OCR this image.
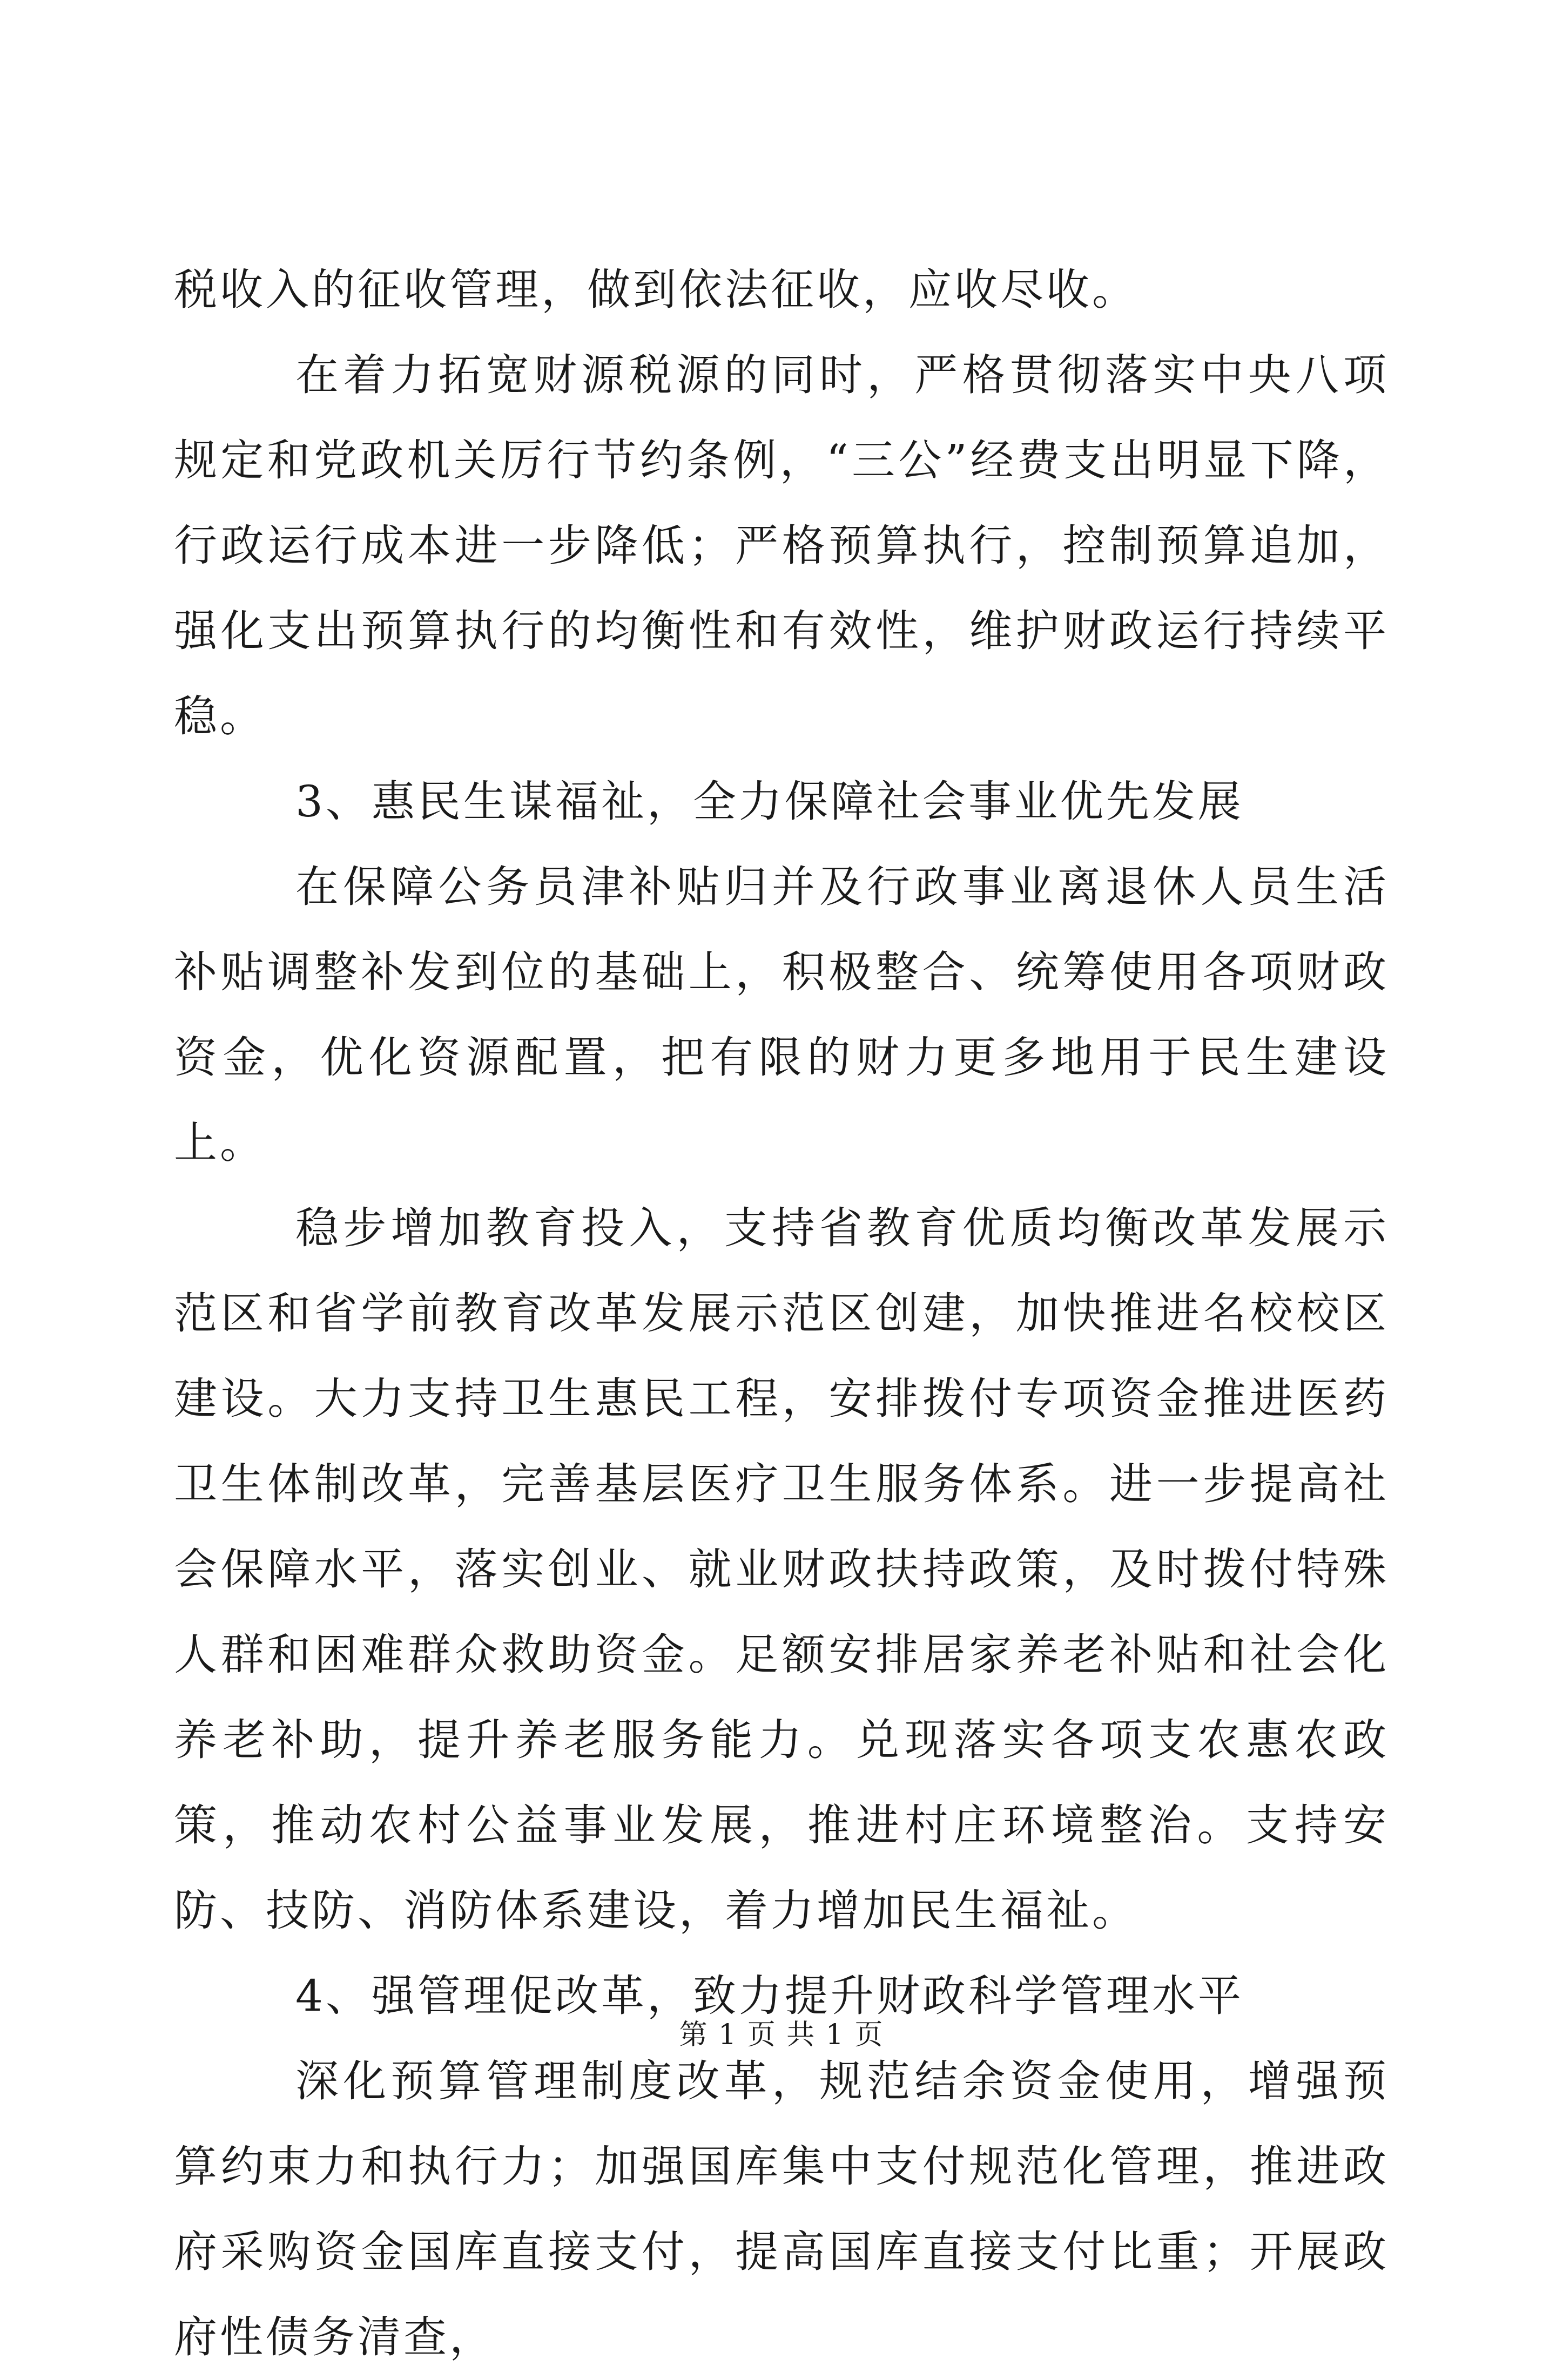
税收入的征收管理，做到依法征收，应收尽收。

在着力拓宽财源税源的同时，严格贯彻落实中央八项规定和党政机关厉行节约条例，“三公”经费支出明显下降，行政运行成本进一步降低；严格预算执行，控制预算追加，强化支出预算执行的均衡性和有效性，维护财政运行持续平稳。

3、惠民生谋福祉，全力保障社会事业优先发展

在保障公务员津补贴归并及行政事业离退休人员生活补贴调整补发到位的基础上，积极整合、统筹使用各项财政资金，优化资源配置，把有限的财力更多地用于民生建设上。

稳步增加教育投入，支持省教育优质均衡改革发展示范区和省学前教育改革发展示范区创建，加快推进名校校区建设。大力支持卫生惠民工程，安排拨付专项资金推进医药卫生体制改革，完善基层医疗卫生服务体系。进一步提高社会保障水平，落实创业、就业财政扶持政策，及时拨付特殊人群和困难群众救助资金。足额安排居家养老补贴和社会化养老补助，提升养老服务能力。兑现落实各项支农惠农政策，推动农村公益事业发展，推进村庄环境整治。支持安防、技防、消防体系建设，着力增加民生福祉。

4、强管理促改革，致力提升财政科学管理水平

深化预算管理制度改革，规范结余资金使用，增强预算约束力和执行力；加强国库集中支付规范化管理，推进政府采购资金国库直接支付，提高国库直接支付比重；开展政府性债务清查，

第 1 页 共 1 页
